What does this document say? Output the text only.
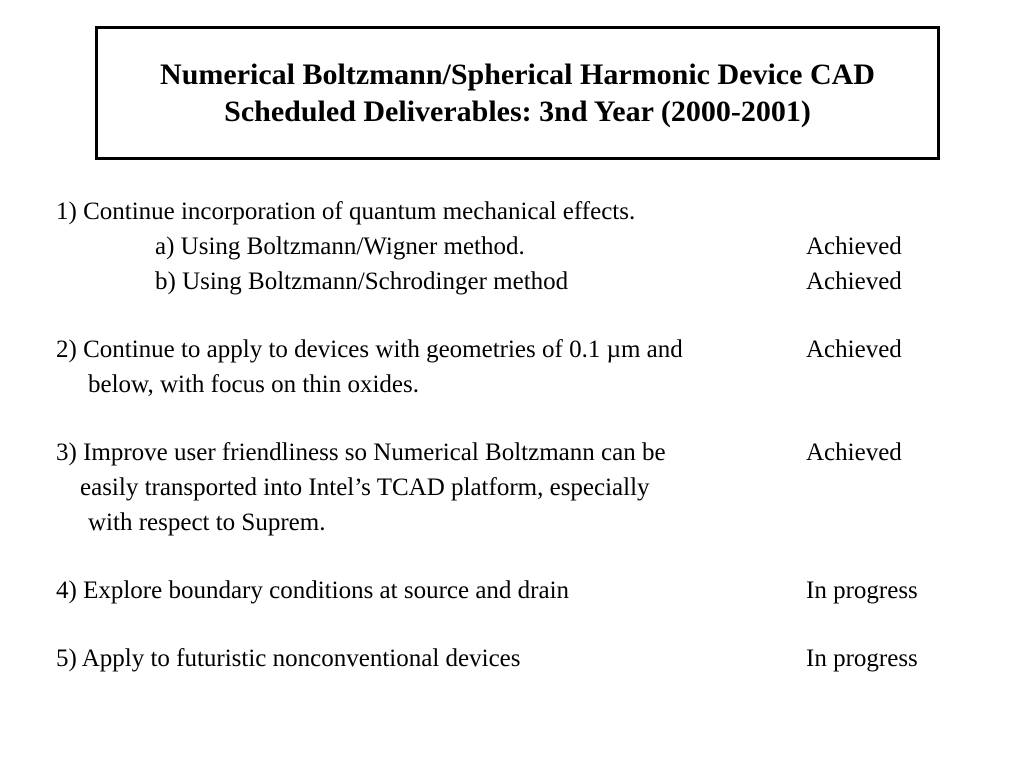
Numerical Boltzmann/Spherical Harmonic Device CAD
Scheduled Deliverables: 3nd Year (2000-2001)
1) Continue incorporation of quantum mechanical effects.
a) Using Boltzmann/Wigner method.	Achieved
b) Using Boltzmann/Schrodinger method	Achieved
2) Continue to apply to devices with geometries of 0.1 µm and	Achieved
below, with focus on thin oxides.
3) Improve user friendliness so Numerical Boltzmann can be	Achieved
easily transported into Intel’s TCAD platform, especially
with respect to Suprem.
4) Explore boundary conditions at source and drain	In progress
5) Apply to futuristic nonconventional devices	In progress
